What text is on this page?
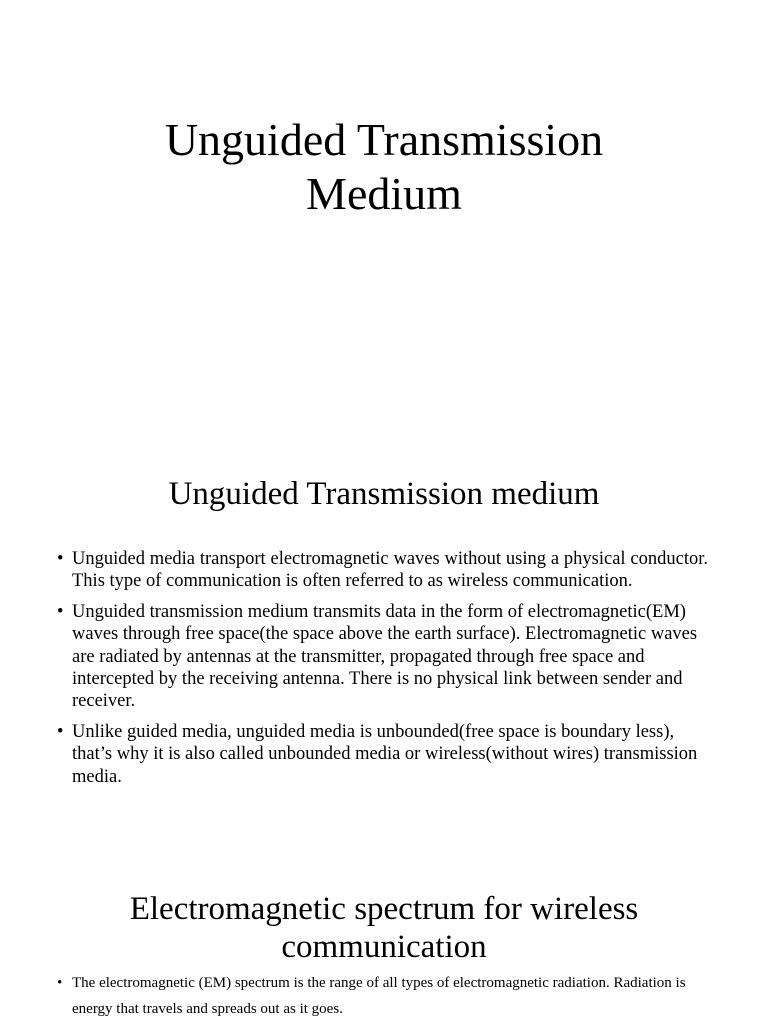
Unguided Transmission
Medium
Unguided Transmission medium
• Unguided media transport electromagnetic waves without using a physical conductor. This type of communication is often referred to as wireless communication.
• Unguided transmission medium transmits data in the form of electromagnetic(EM) waves through free space(the space above the earth surface). Electromagnetic waves are radiated by antennas at the transmitter, propagated through free space and intercepted by the receiving antenna. There is no physical link between sender and receiver.
• Unlike guided media, unguided media is unbounded(free space is boundary less), that’s why it is also called unbounded media or wireless(without wires) transmission media.
Electromagnetic spectrum for wireless
communication
• The electromagnetic (EM) spectrum is the range of all types of electromagnetic radiation. Radiation is energy that travels and spreads out as it goes.
